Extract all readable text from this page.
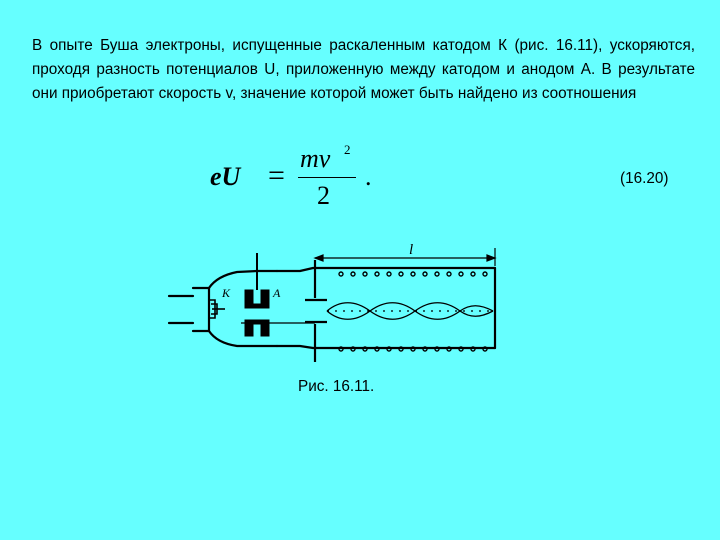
В опыте Буша электроны, испущенные раскаленным катодом К (рис. 16.11), ускоряются, проходя разность потенциалов U, приложенную между катодом и анодом А. В результате они приобретают скорость v, значение которой может быть найдено из соотношения

eU =
mv 2
2
.	(16.20)
l
К	А
Рис. 16.11.
